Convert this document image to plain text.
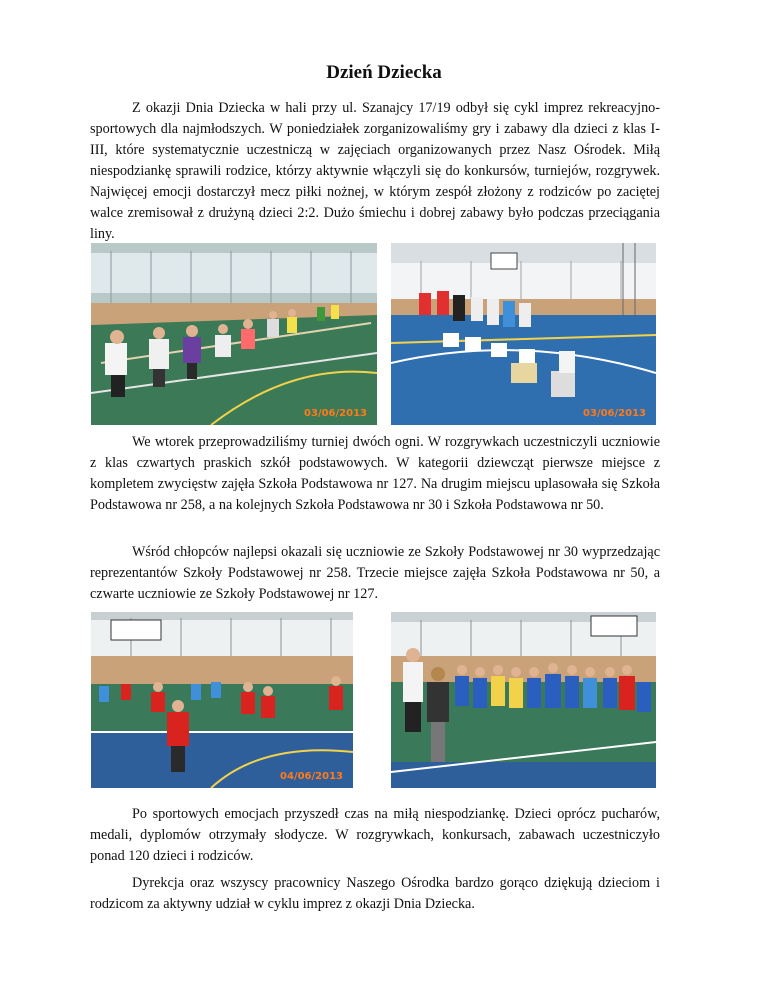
Dzień Dziecka

Z okazji Dnia Dziecka w hali przy ul. Szanajcy 17/19 odbył się cykl imprez rekreacyjno- sportowych dla najmłodszych. W poniedziałek zorganizowaliśmy gry i zabawy dla dzieci z klas I-III, które systematycznie uczestniczą w zajęciach organizowanych przez Nasz Ośrodek. Miłą niespodziankę sprawili rodzice, którzy aktywnie włączyli się do konkursów, turniejów, rozgrywek. Najwięcej emocji dostarczył mecz piłki nożnej, w którym zespół złożony z rodziców po zaciętej walce zremisował z drużyną dzieci 2:2. Dużo śmiechu i dobrej zabawy było podczas przeciągania liny.

03/06/2013	03/06/2013

We wtorek przeprowadziliśmy turniej dwóch ogni. W rozgrywkach uczestniczyli uczniowie z klas czwartych praskich szkół podstawowych. W kategorii dziewcząt pierwsze miejsce z kompletem zwycięstw zajęła Szkoła Podstawowa nr 127. Na drugim miejscu uplasowała się Szkoła Podstawowa nr 258, a na kolejnych Szkoła Podstawowa nr 30 i Szkoła Podstawowa nr 50.

Wśród chłopców najlepsi okazali się uczniowie ze Szkoły Podstawowej nr 30 wyprzedzając reprezentantów Szkoły Podstawowej nr 258. Trzecie miejsce zajęła Szkoła Podstawowa nr 50, a czwarte uczniowie ze Szkoły Podstawowej nr 127.

04/06/2013

Po sportowych emocjach przyszedł czas na miłą niespodziankę. Dzieci oprócz pucharów, medali, dyplomów otrzymały słodycze. W rozgrywkach, konkursach, zabawach uczestniczyło ponad 120 dzieci i rodziców.

Dyrekcja oraz wszyscy pracownicy Naszego Ośrodka bardzo gorąco dziękują dzieciom i rodzicom za aktywny udział w cyklu imprez z okazji Dnia Dziecka.
